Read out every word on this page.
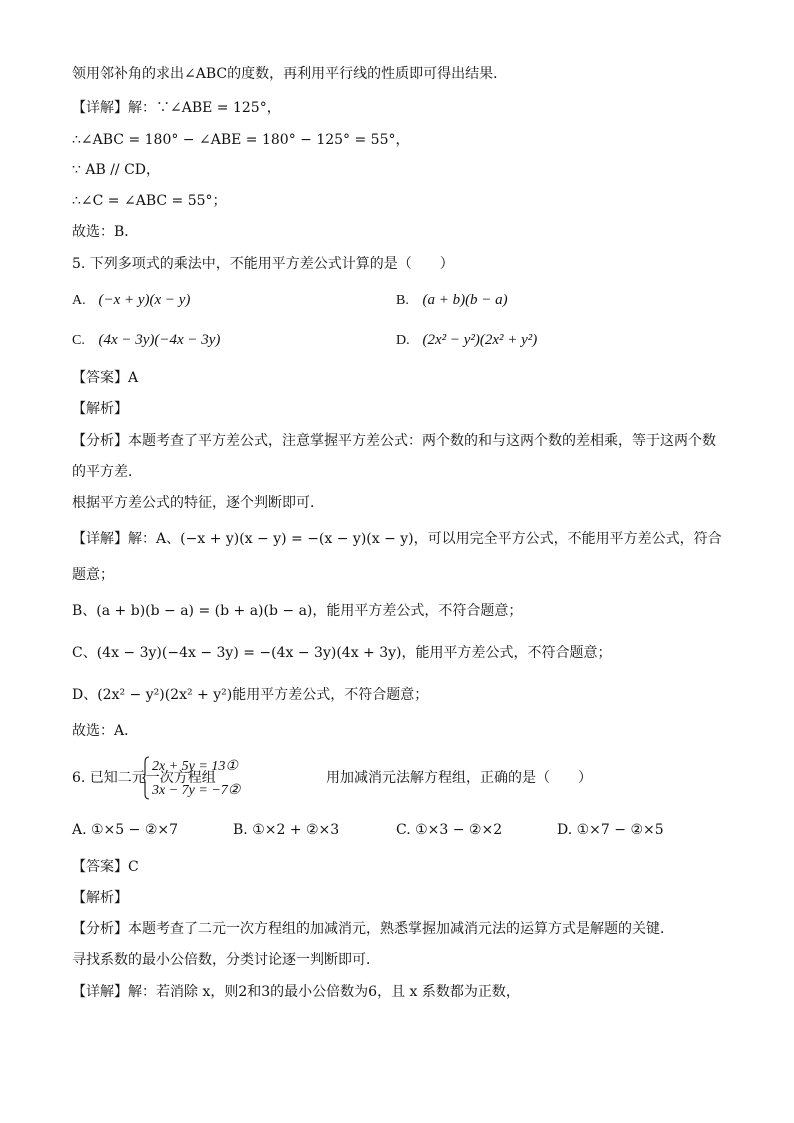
领用邻补角的求出∠ABC的度数，再利用平行线的性质即可得出结果．
【详解】解：∵∠ABE = 125°，
∴∠ABC = 180° − ∠ABE = 180° − 125° = 55°，
∵ AB // CD，
∴∠C = ∠ABC = 55°；
故选：B．
5. 下列多项式的乘法中，不能用平方差公式计算的是（　　）
A. (−x + y)(x − y)	B. (a + b)(b − a)
C. (4x − 3y)(−4x − 3y)	D. (2x² − y²)(2x² + y²)
【答案】A
【解析】
【分析】本题考查了平方差公式，注意掌握平方差公式：两个数的和与这两个数的差相乘，等于这两个数
的平方差．
根据平方差公式的特征，逐个判断即可．
【详解】解：A、(−x + y)(x − y) = −(x − y)(x − y)，可以用完全平方公式，不能用平方差公式，符合
题意；
B、(a + b)(b − a) = (b + a)(b − a)，能用平方差公式，不符合题意；
C、(4x − 3y)(−4x − 3y) = −(4x − 3y)(4x + 3y)，能用平方差公式，不符合题意；
D、(2x² − y²)(2x² + y²)能用平方差公式，不符合题意；
故选：A．
6. 已知二元一次方程组
2x + 5y = 13①
3x − 7y = −7②
用加减消元法解方程组，正确的是（　　）
A. ①×5 − ②×7	B. ①×2 + ②×3	C. ①×3 − ②×2	D. ①×7 − ②×5
【答案】C
【解析】
【分析】本题考查了二元一次方程组的加减消元，熟悉掌握加减消元法的运算方式是解题的关键．
寻找系数的最小公倍数，分类讨论逐一判断即可．
【详解】解：若消除 x，则2和3的最小公倍数为6，且 x 系数都为正数，
